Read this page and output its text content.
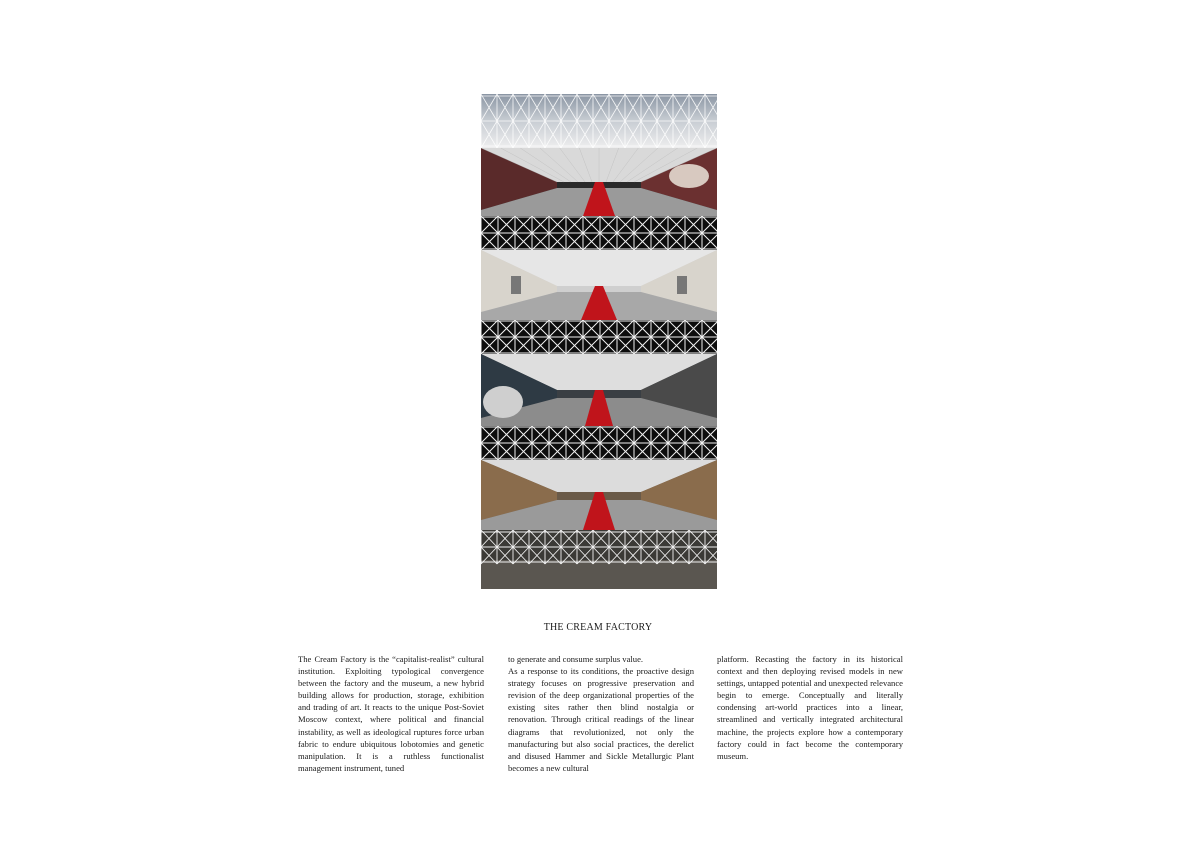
THE CREAM FACTORY

The Cream Factory is the “capitalist-realist” cultural institution. Exploiting typological convergence between the factory and the museum, a new hybrid building allows for production, storage, exhibition and trading of art. It reacts to the unique Post-Soviet Moscow context, where political and financial instability, as well as ideological ruptures force urban fabric to endure ubiquitous lobotomies and genetic manipulation. It is a ruthless functionalist management instrument, tuned

to generate and consume surplus value.

As a response to its conditions, the proactive design strategy focuses on progressive preservation and revision of the deep organizational properties of the existing sites rather then blind nostalgia or renovation. Through critical readings of the linear diagrams that revolutionized, not only the manufacturing but also social practices, the derelict and disused Hammer and Sickle Metallurgic Plant becomes a new cultural

platform. Recasting the factory in its historical context and then deploying revised models in new settings, untapped potential and unexpected relevance begin to emerge. Conceptually and literally condensing art-world practices into a linear, streamlined and vertically integrated architectural machine, the projects explore how a contemporary factory could in fact become the contemporary museum.
